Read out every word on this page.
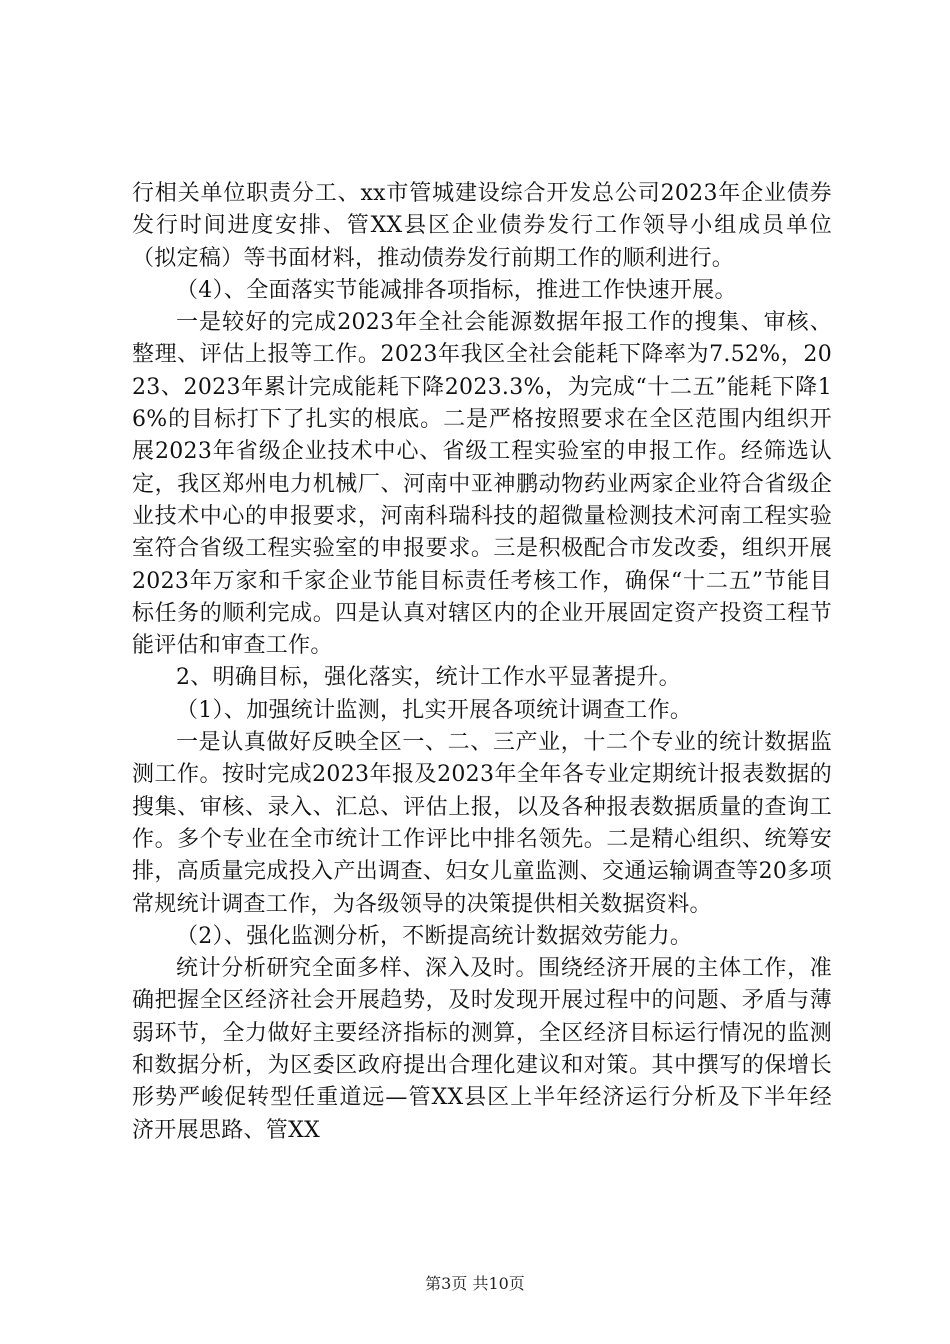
行相关单位职责分工、xx市管城建设综合开发总公司2023年企业债券发行时间进度安排、管XX县区企业债券发行工作领导小组成员单位（拟定稿）等书面材料，推动债券发行前期工作的顺利进行。

（4）、全面落实节能减排各项指标，推进工作快速开展。

一是较好的完成2023年全社会能源数据年报工作的搜集、审核、整理、评估上报等工作。2023年我区全社会能耗下降率为7.52%，2023、2023年累计完成能耗下降2023.3%，为完成“十二五”能耗下降16%的目标打下了扎实的根底。二是严格按照要求在全区范围内组织开展2023年省级企业技术中心、省级工程实验室的申报工作。经筛选认定，我区郑州电力机械厂、河南中亚神鹏动物药业两家企业符合省级企业技术中心的申报要求，河南科瑞科技的超微量检测技术河南工程实验室符合省级工程实验室的申报要求。三是积极配合市发改委，组织开展2023年万家和千家企业节能目标责任考核工作，确保“十二五”节能目标任务的顺利完成。四是认真对辖区内的企业开展固定资产投资工程节能评估和审查工作。

2、明确目标，强化落实，统计工作水平显著提升。

（1）、加强统计监测，扎实开展各项统计调查工作。

一是认真做好反映全区一、二、三产业，十二个专业的统计数据监测工作。按时完成2023年报及2023年全年各专业定期统计报表数据的搜集、审核、录入、汇总、评估上报，以及各种报表数据质量的查询工作。多个专业在全市统计工作评比中排名领先。二是精心组织、统筹安排，高质量完成投入产出调查、妇女儿童监测、交通运输调查等20多项常规统计调查工作，为各级领导的决策提供相关数据资料。

（2）、强化监测分析，不断提高统计数据效劳能力。

统计分析研究全面多样、深入及时。围绕经济开展的主体工作，准确把握全区经济社会开展趋势，及时发现开展过程中的问题、矛盾与薄弱环节，全力做好主要经济指标的测算，全区经济目标运行情况的监测和数据分析，为区委区政府提出合理化建议和对策。其中撰写的保增长形势严峻促转型任重道远—管XX县区上半年经济运行分析及下半年经济开展思路、管XX

第3页 共10页
